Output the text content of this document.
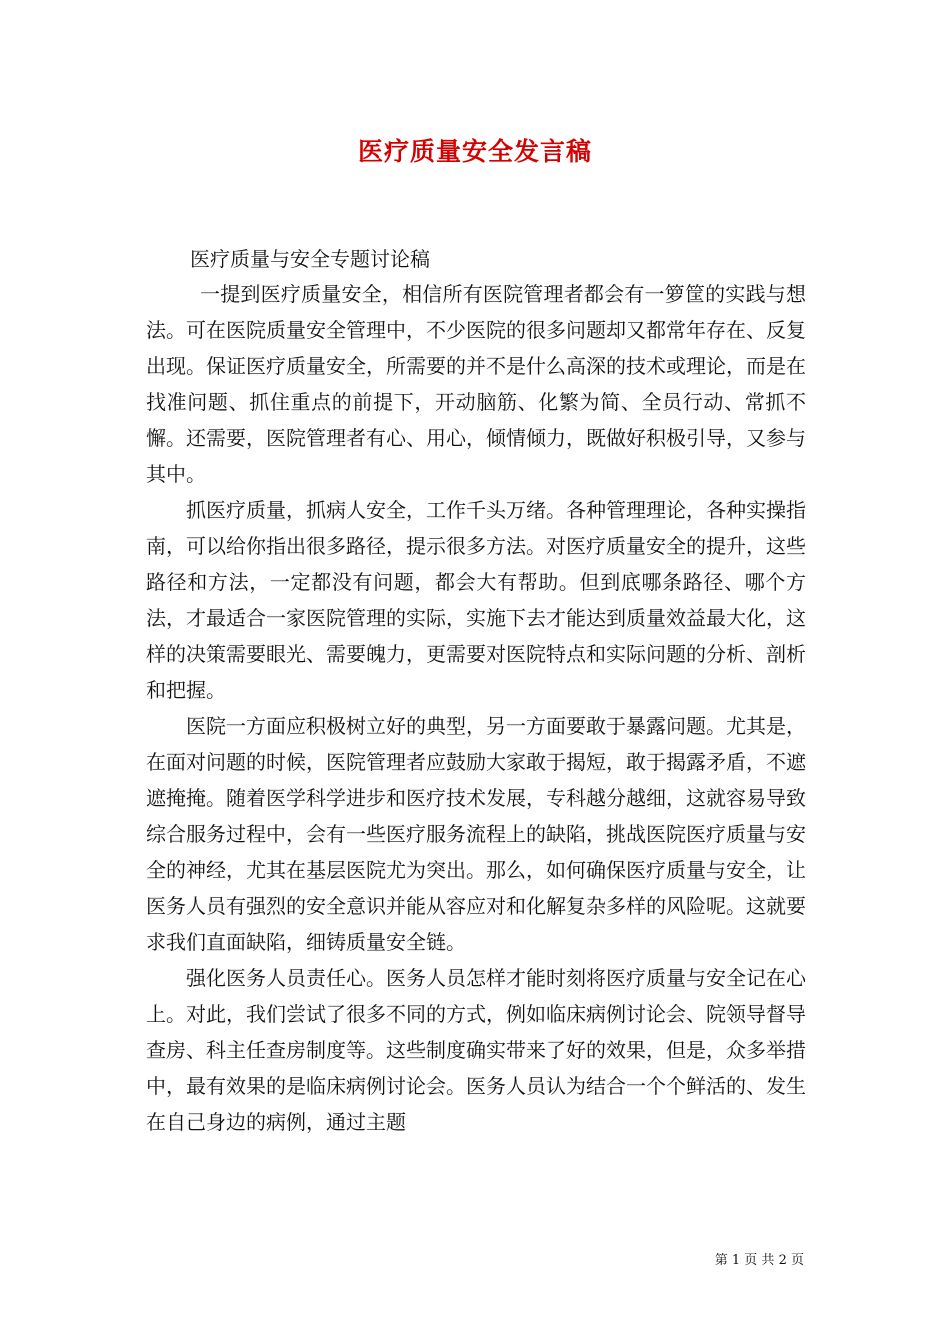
医疗质量安全发言稿
医疗质量与安全专题讨论稿

一提到医疗质量安全，相信所有医院管理者都会有一箩筐的实践与想法。可在医院质量安全管理中，不少医院的很多问题却又都常年存在、反复出现。保证医疗质量安全，所需要的并不是什么高深的技术或理论，而是在找准问题、抓住重点的前提下，开动脑筋、化繁为简、全员行动、常抓不懈。还需要，医院管理者有心、用心，倾情倾力，既做好积极引导，又参与其中。

抓医疗质量，抓病人安全，工作千头万绪。各种管理理论，各种实操指南，可以给你指出很多路径，提示很多方法。对医疗质量安全的提升，这些路径和方法，一定都没有问题，都会大有帮助。但到底哪条路径、哪个方法，才最适合一家医院管理的实际，实施下去才能达到质量效益最大化，这样的决策需要眼光、需要魄力，更需要对医院特点和实际问题的分析、剖析和把握。

医院一方面应积极树立好的典型，另一方面要敢于暴露问题。尤其是，在面对问题的时候，医院管理者应鼓励大家敢于揭短，敢于揭露矛盾，不遮遮掩掩。随着医学科学进步和医疗技术发展，专科越分越细，这就容易导致综合服务过程中，会有一些医疗服务流程上的缺陷，挑战医院医疗质量与安全的神经，尤其在基层医院尤为突出。那么，如何确保医疗质量与安全，让医务人员有强烈的安全意识并能从容应对和化解复杂多样的风险呢。这就要求我们直面缺陷，细铸质量安全链。

强化医务人员责任心。医务人员怎样才能时刻将医疗质量与安全记在心上。对此，我们尝试了很多不同的方式，例如临床病例讨论会、院领导督导查房、科主任查房制度等。这些制度确实带来了好的效果，但是，众多举措中，最有效果的是临床病例讨论会。医务人员认为结合一个个鲜活的、发生在自己身边的病例，通过主题

第 1 页 共 2 页
